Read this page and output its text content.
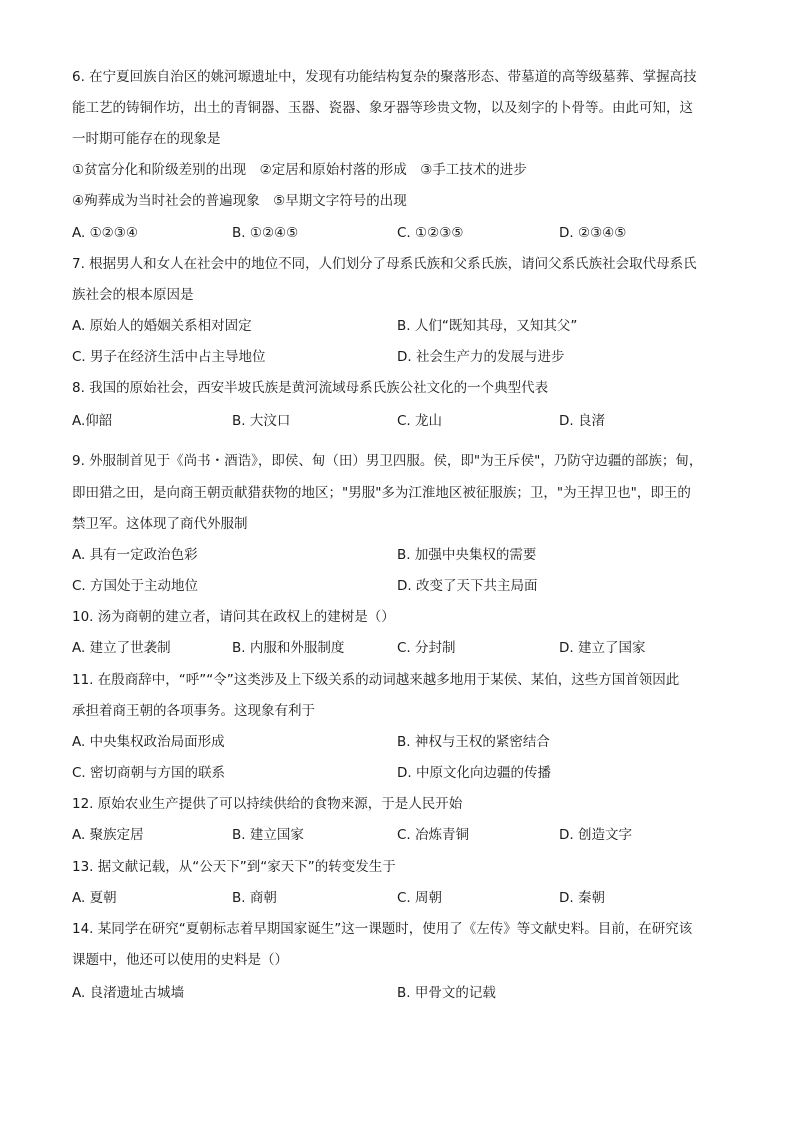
6. 在宁夏回族自治区的姚河塬遗址中，发现有功能结构复杂的聚落形态、带墓道的高等级墓葬、掌握高技
能工艺的铸铜作坊，出土的青铜器、玉器、瓷器、象牙器等珍贵文物，以及刻字的卜骨等。由此可知，这
一时期可能存在的现象是
①贫富分化和阶级差别的出现　②定居和原始村落的形成　③手工技术的进步
④殉葬成为当时社会的普遍现象　⑤早期文字符号的出现
A. ①②③④	B. ①②④⑤	C. ①②③⑤	D. ②③④⑤
7. 根据男人和女人在社会中的地位不同，人们划分了母系氏族和父系氏族，请问父系氏族社会取代母系氏
族社会的根本原因是
A. 原始人的婚姻关系相对固定	B. 人们“既知其母，又知其父”
C. 男子在经济生活中占主导地位	D. 社会生产力的发展与进步
8. 我国的原始社会，西安半坡氏族是黄河流域母系氏族公社文化的一个典型代表
A.仰韶	B. 大汶口	C. 龙山	D. 良渚
9. 外服制首见于《尚书・酒诰》，即侯、甸（田）男卫四服。侯，即"为王斥侯"，乃防守边疆的部族；甸，
即田猎之田，是向商王朝贡献猎获物的地区；"男服"多为江淮地区被征服族；卫，"为王捍卫也"，即王的
禁卫军。这体现了商代外服制
A. 具有一定政治色彩	B. 加强中央集权的需要
C. 方国处于主动地位	D. 改变了天下共主局面
10. 汤为商朝的建立者，请问其在政权上的建树是（）
A. 建立了世袭制	B. 内服和外服制度	C. 分封制	D. 建立了国家
11. 在殷商辞中，“呼”“令”这类涉及上下级关系的动词越来越多地用于某侯、某伯，这些方国首领因此
承担着商王朝的各项事务。这现象有利于
A. 中央集权政治局面形成	B. 神权与王权的紧密结合
C. 密切商朝与方国的联系	D. 中原文化向边疆的传播
12. 原始农业生产提供了可以持续供给的食物来源，于是人民开始
A. 聚族定居	B. 建立国家	C. 冶炼青铜	D. 创造文字
13. 据文献记载，从“公天下”到“家天下”的转变发生于
A. 夏朝	B. 商朝	C. 周朝	D. 秦朝
14. 某同学在研究“夏朝标志着早期国家诞生”这一课题时，使用了《左传》等文献史料。目前，在研究该
课题中，他还可以使用的史料是（）
A. 良渚遗址古城墙	B. 甲骨文的记载
